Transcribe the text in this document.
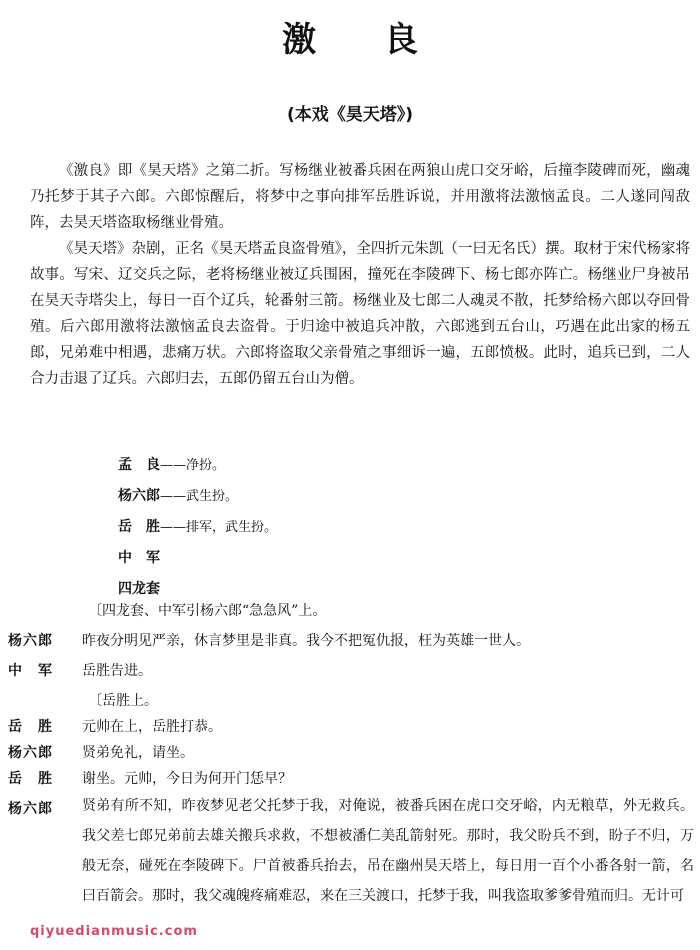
激 良
(本戏《昊天塔》)

《激良》即《昊天塔》之第二折。写杨继业被番兵困在两狼山虎口交牙峪，后撞李陵碑而死，幽魂乃托梦于其子六郎。六郎惊醒后，将梦中之事向排军岳胜诉说，并用激将法激恼孟良。二人遂同闯敌阵，去昊天塔盗取杨继业骨殖。

《昊天塔》杂剧，正名《昊天塔孟良盗骨殖》，全四折元朱凯（一曰无名氏）撰。取材于宋代杨家将故事。写宋、辽交兵之际，老将杨继业被辽兵围困，撞死在李陵碑下、杨七郎亦阵亡。杨继业尸身被吊在昊天寺塔尖上，每日一百个辽兵，轮番射三箭。杨继业及七郎二人魂灵不散，托梦给杨六郎以夺回骨殖。后六郎用激将法激恼孟良去盗骨。于归途中被追兵冲散，六郎逃到五台山，巧遇在此出家的杨五郎，兄弟难中相遇，悲痛万状。六郎将盗取父亲骨殖之事细诉一遍，五郎愤极。此时，追兵已到，二人合力击退了辽兵。六郎归去，五郎仍留五台山为僧。

孟　良——净扮。
杨六郎——武生扮。
岳　胜——排军，武生扮。
中　军
四龙套
〔四龙套、中军引杨六郎“急急风”上。
杨六郎	昨夜分明见严亲，休言梦里是非真。我今不把冤仇报，枉为英雄一世人。
中　军	岳胜告进。
〔岳胜上。
岳　胜	元帅在上，岳胜打恭。
杨六郎	贤弟免礼，请坐。
岳　胜	谢坐。元帅，今日为何开门恁早？
杨六郎	贤弟有所不知，昨夜梦见老父托梦于我，对俺说，被番兵困在虎口交牙峪，内无粮草，外无救兵。我父差七郎兄弟前去雄关搬兵求救，不想被潘仁美乱箭射死。那时，我父盼兵不到，盼子不归，万般无奈，碰死在李陵碑下。尸首被番兵抬去，吊在幽州昊天塔上，每日用一百个小番各射一箭，名曰百箭会。那时，我父魂魄疼痛难忍，来在三关渡口，托梦于我，叫我盗取爹爹骨殖而归。无计可
qiyuedianmusic.com
